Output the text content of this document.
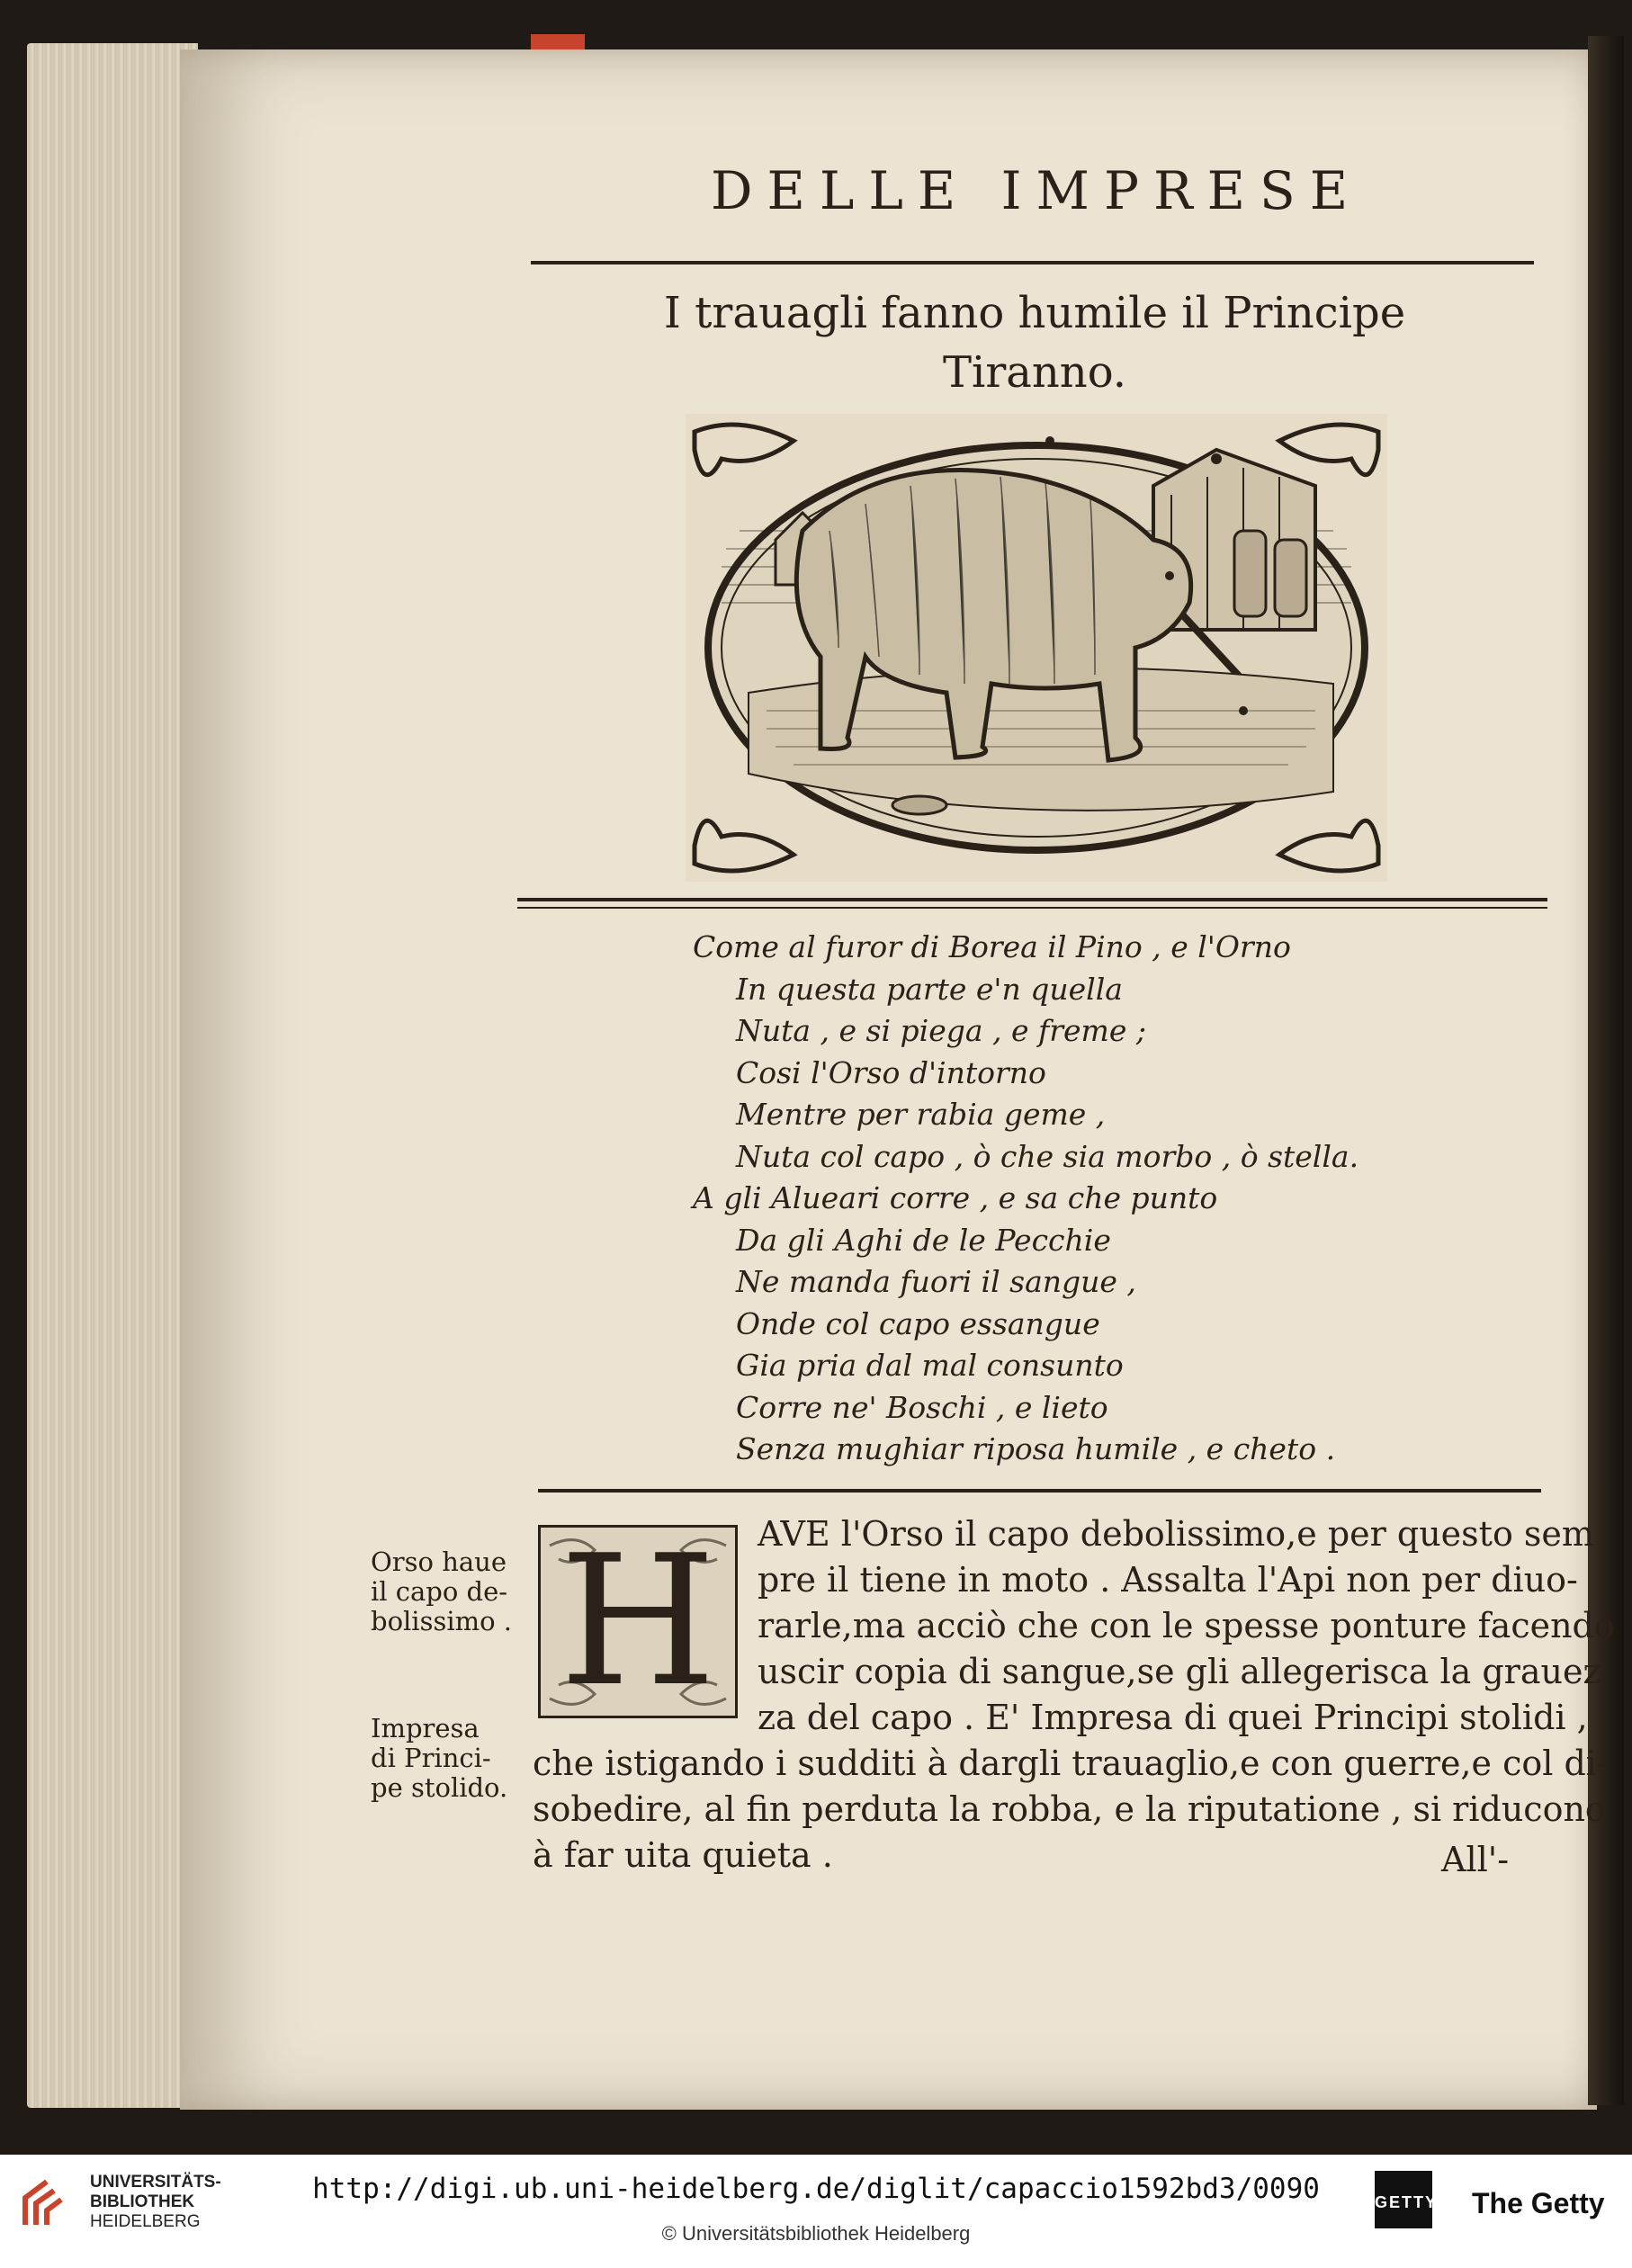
DELLE IMPRESE
I trauagli fanno humile il Principe
Tiranno.
Come al furor di Borea il Pino , e l'Orno
In questa parte e'n quella
Nuta , e si piega , e freme ;
Cosi l'Orso d'intorno
Mentre per rabia geme ,
Nuta col capo , ò che sia morbo , ò stella.
A gli Alueari corre , e sa che punto
Da gli Aghi de le Pecchie
Ne manda fuori il sangue ,
Onde col capo essangue
Gia pria dal mal consunto
Corre ne' Boschi , e lieto
Senza mughiar riposa humile , e cheto .
Orso haue
il capo de-
bolissimo .
Impresa
di Princi-
pe stolido.
H	AVE l'Orso il capo debolissimo,e per questo sem
pre il tiene in moto . Assalta l'Api non per diuo-
rarle,ma acciò che con le spesse ponture facendo
uscir copia di sangue,se gli allegerisca la grauez
za del capo . E' Impresa di quei Principi stolidi ,
che istigando i sudditi à dargli trauaglio,e con guerre,e col di-
sobedire, al fin perduta la robba, e la riputatione , si riducono
à far uita quieta .	All'-
UNIVERSITÄTS-
BIBLIOTHEK
HEIDELBERG
http://digi.ub.uni-heidelberg.de/diglit/capaccio1592bd3/0090
© Universitätsbibliothek Heidelberg
GETTY The Getty
